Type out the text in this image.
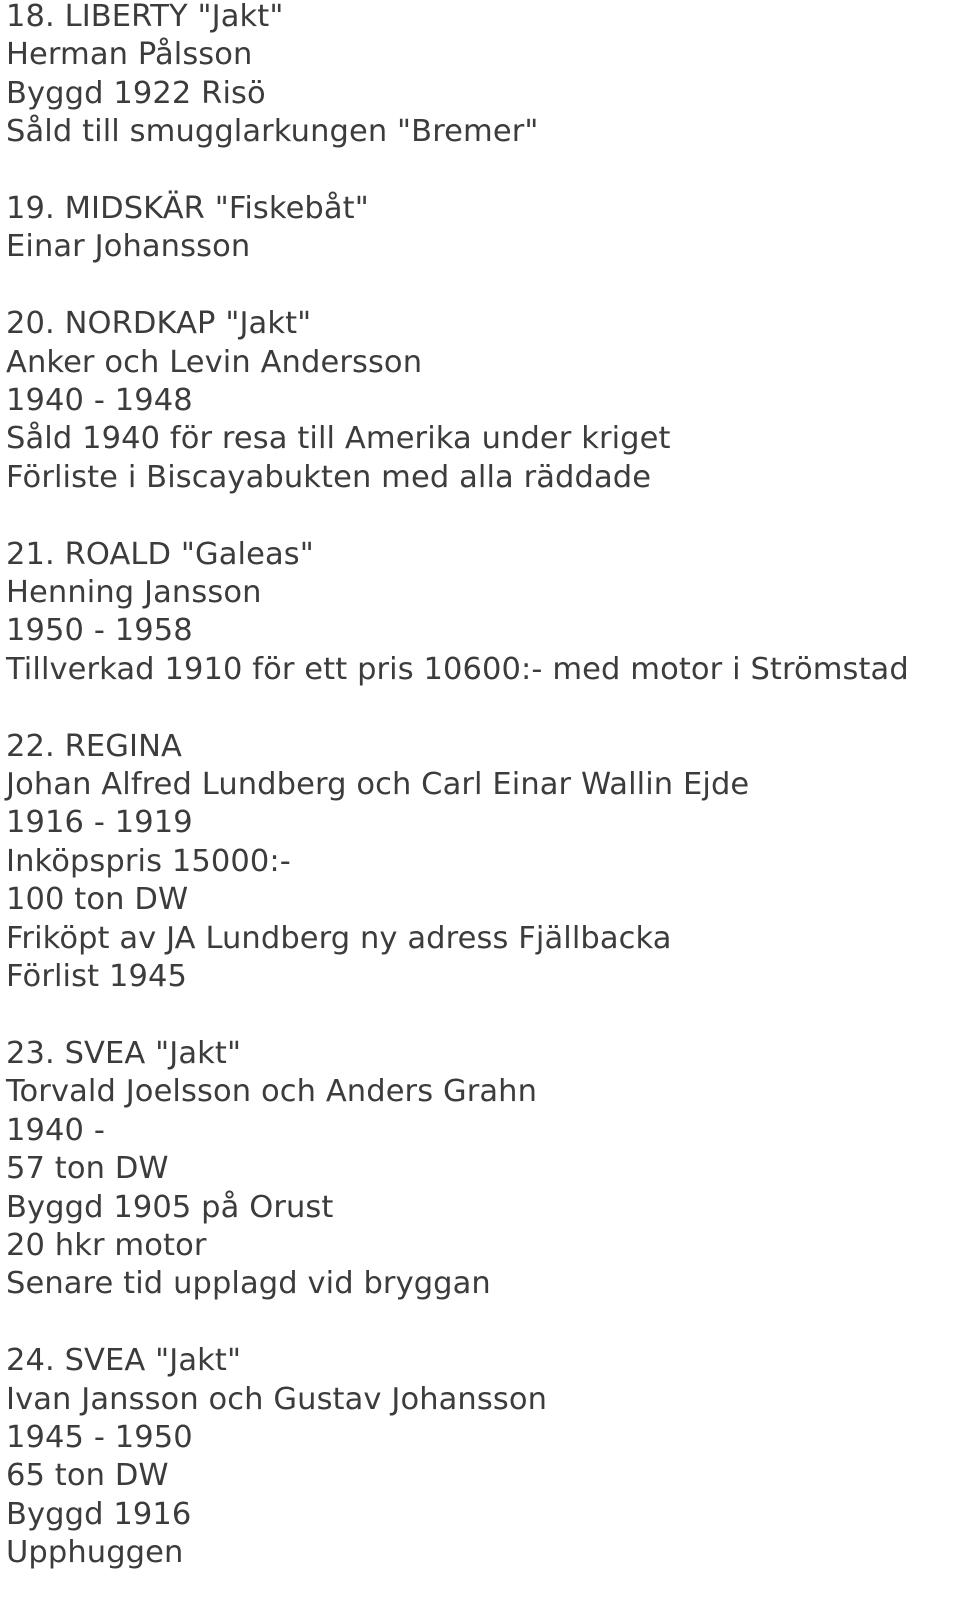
18. LIBERTY "Jakt"
Herman Pålsson
Byggd 1922 Risö
Såld till smugglarkungen "Bremer"
19. MIDSKÄR "Fiskebåt"
Einar Johansson
20. NORDKAP "Jakt"
Anker och Levin Andersson
1940 - 1948
Såld 1940 för resa till Amerika under kriget
Förliste i Biscayabukten med alla räddade
21. ROALD "Galeas"
Henning Jansson
1950 - 1958
Tillverkad 1910 för ett pris 10600:- med motor i Strömstad
22. REGINA
Johan Alfred Lundberg och Carl Einar Wallin Ejde
1916 - 1919
Inköpspris 15000:-
100 ton DW
Friköpt av JA Lundberg ny adress Fjällbacka
Förlist 1945
23. SVEA "Jakt"
Torvald Joelsson och Anders Grahn
1940 -
57 ton DW
Byggd 1905 på Orust
20 hkr motor
Senare tid upplagd vid bryggan
24. SVEA "Jakt"
Ivan Jansson och Gustav Johansson
1945 - 1950
65 ton DW
Byggd 1916
Upphuggen
